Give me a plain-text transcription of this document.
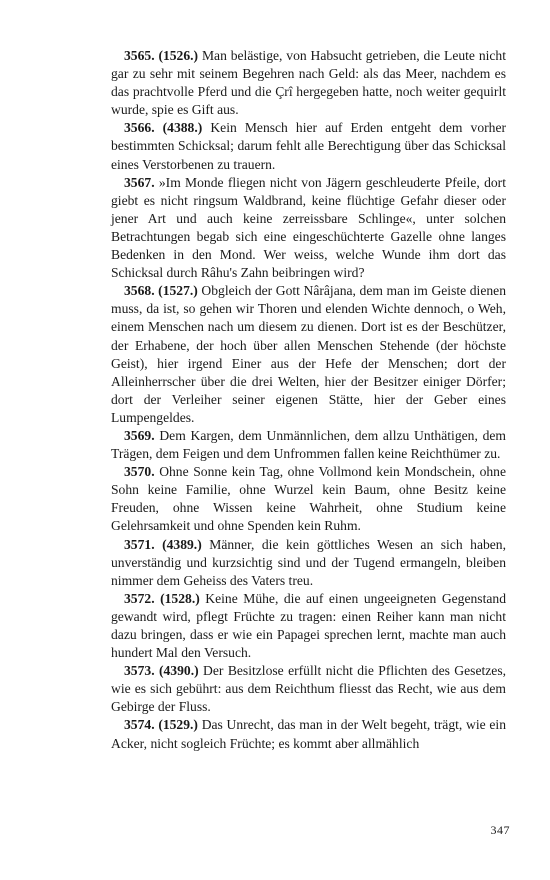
3565. (1526.) Man belästige, von Habsucht getrieben, die Leute nicht gar zu sehr mit seinem Begehren nach Geld: als das Meer, nachdem es das prachtvolle Pferd und die Çrî hergegeben hatte, noch weiter gequirlt wurde, spie es Gift aus.

3566. (4388.) Kein Mensch hier auf Erden entgeht dem vorher bestimmten Schicksal; darum fehlt alle Berechtigung über das Schicksal eines Verstorbenen zu trauern.

3567. »Im Monde fliegen nicht von Jägern geschleuderte Pfeile, dort giebt es nicht ringsum Waldbrand, keine flüchtige Gefahr dieser oder jener Art und auch keine zerreissbare Schlinge«, unter solchen Betrachtungen begab sich eine eingeschüchterte Gazelle ohne langes Bedenken in den Mond. Wer weiss, welche Wunde ihm dort das Schicksal durch Râhu's Zahn beibringen wird?

3568. (1527.) Obgleich der Gott Nârâjana, dem man im Geiste dienen muss, da ist, so gehen wir Thoren und elenden Wichte dennoch, o Weh, einem Menschen nach um diesem zu dienen. Dort ist es der Beschützer, der Erhabene, der hoch über allen Menschen Stehende (der höchste Geist), hier irgend Einer aus der Hefe der Menschen; dort der Alleinherrscher über die drei Welten, hier der Besitzer einiger Dörfer; dort der Verleiher seiner eigenen Stätte, hier der Geber eines Lumpengeldes.

3569. Dem Kargen, dem Unmännlichen, dem allzu Unthätigen, dem Trägen, dem Feigen und dem Unfrommen fallen keine Reichthümer zu.

3570. Ohne Sonne kein Tag, ohne Vollmond kein Mondschein, ohne Sohn keine Familie, ohne Wurzel kein Baum, ohne Besitz keine Freuden, ohne Wissen keine Wahrheit, ohne Studium keine Gelehrsamkeit und ohne Spenden kein Ruhm.

3571. (4389.) Männer, die kein göttliches Wesen an sich haben, unverständig und kurzsichtig sind und der Tugend ermangeln, bleiben nimmer dem Geheiss des Vaters treu.

3572. (1528.) Keine Mühe, die auf einen ungeeigneten Gegenstand gewandt wird, pflegt Früchte zu tragen: einen Reiher kann man nicht dazu bringen, dass er wie ein Papagei sprechen lernt, machte man auch hundert Mal den Versuch.

3573. (4390.) Der Besitzlose erfüllt nicht die Pflichten des Gesetzes, wie es sich gebührt: aus dem Reichthum fliesst das Recht, wie aus dem Gebirge der Fluss.

3574. (1529.) Das Unrecht, das man in der Welt begeht, trägt, wie ein Acker, nicht sogleich Früchte; es kommt aber allmählich

347
